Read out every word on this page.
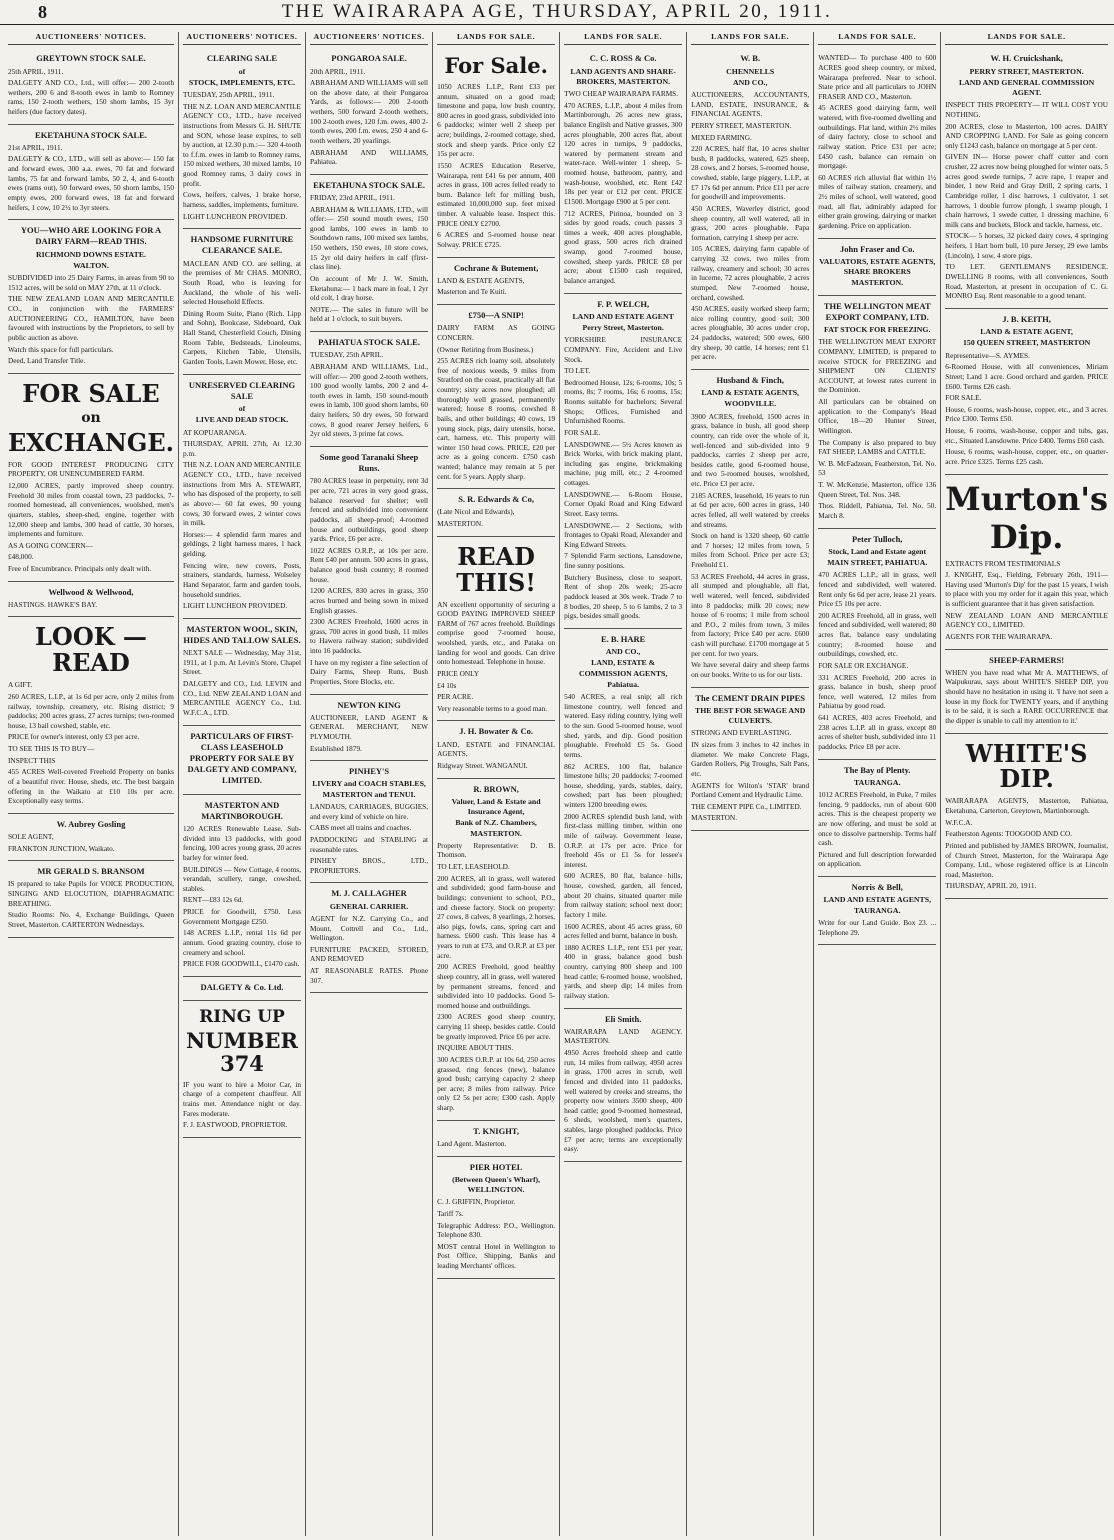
8	THE WAIRARAPA AGE, THURSDAY, APRIL 20, 1911.
AUCTIONEERS' NOTICES.
GREYTOWN STOCK SALE.

25th APRIL, 1911.

DALGETY AND CO., Ltd., will offer:— 200 2-tooth wethers, 200 6 and 8-tooth ewes in lamb to Romney rams, 150 2-tooth wethers, 150 shorn lambs, 15 3yr heifers (due factory dates).

EKETAHUNA STOCK SALE.

21st APRIL, 1911.

DALGETY & CO., LTD., will sell as above:— 150 fat and forward ewes, 300 a.a. ewes, 70 fat and forward lambs, 75 fat and forward lambs, 50 2, 4, and 6-tooth ewes (rams out), 50 forward ewes, 50 shorn lambs, 150 empty ewes, 200 forward ewes, 18 fat and forward heifers, 1 cow, 10 2½ to 3yr steers.

YOU—WHO ARE LOOKING FOR A DAIRY FARM—READ THIS.
RICHMOND DOWNS ESTATE.
WALTON.

SUBDIVIDED into 25 Dairy Farms, in areas from 90 to 1512 acres, will be sold on MAY 27th, at 11 o'clock.

THE NEW ZEALAND LOAN AND MERCANTILE CO., in conjunction with the FARMERS' AUCTIONEERING CO., HAMILTON, have been favoured with instructions by the Proprietors, to sell by public auction as above.

Watch this space for full particulars.

Deed, Land Transfer Title.

FOR SALE
on
EXCHANGE.

FOR GOOD INTEREST PRODUCING CITY PROPERTY, OR UNENCUMBERED FARM.

12,000 ACRES, partly improved sheep country. Freehold 30 miles from coastal town, 23 paddocks, 7-roomed homestead, all conveniences, woolshed, men's quarters, stables, sheep-shed, engine, together with 12,000 sheep and lambs, 300 head of cattle, 30 horses, implements and furniture.

AS A GOING CONCERN—

£48,000.

Free of Encumbrance. Principals only dealt with.

Wellwood & Wellwood,

HASTINGS. HAWKE'S BAY.

LOOK — READ

A GIFT.

260 ACRES, L.I.P., at 1s 6d per acre, only 2 miles from railway, township, creamery, etc. Rising district; 9 paddocks; 200 acres grass, 27 acres turnips; two-roomed house, 13 bail cowshed, stable, etc.

PRICE for owner's interest, only £3 per acre.

TO SEE THIS IS TO BUY—

INSPECT THIS

455 ACRES Well-covered Freehold Property on banks of a beautiful river. House, sheds, etc. The best bargain offering in the Waikato at £10 10s per acre. Exceptionally easy terms.

W. Aubrey Gosling

SOLE AGENT,

FRANKTON JUNCTION, Waikato.

MR GERALD S. BRANSOM

IS prepared to take Pupils for VOICE PRODUCTION, SINGING AND ELOCUTION, DIAPHRAGMATIC BREATHING.

Studio Rooms: No. 4, Exchange Buildings, Queen Street, Masterton. CARTERTON Wednesdays.

AUCTIONEERS' NOTICES.
CLEARING SALE
of
STOCK, IMPLEMENTS, ETC.

TUESDAY, 25th APRIL, 1911.

THE N.Z. LOAN AND MERCANTILE AGENCY CO., LTD., have received instructions from Messrs G. H. SHUTE and SON, whose lease expires, to sell by auction, at 12.30 p.m.:— 320 4-tooth to f.f.m. ewes in lamb to Romney rams, 150 mixed wethers, 30 mixed lambs, 10 good Romney rams, 3 dairy cows in profit.

Cows, heifers, calves, 1 brake horse, harness, saddles, implements, furniture.

LIGHT LUNCHEON PROVIDED.

HANDSOME FURNITURE CLEARANCE SALE.

MACLEAN AND CO. are selling, at the premises of Mr CHAS. MONRO, South Road, who is leaving for Auckland, the whole of his well-selected Household Effects.

Dining Room Suite, Piano (Rich. Lipp and Sohn), Bookcase, Sideboard, Oak Hall Stand, Chesterfield Couch, Dining Room Table, Bedsteads, Linoleums, Carpets, Kitchen Table, Utensils, Garden Tools, Lawn Mower, Hose, etc.

UNRESERVED CLEARING SALE
of
LIVE AND DEAD STOCK.

AT KOPUARANGA.

THURSDAY, APRIL 27th, At 12.30 p.m.

THE N.Z. LOAN AND MERCANTILE AGENCY CO., LTD., have received instructions from Mrs A. STEWART, who has disposed of the property, to sell as above:— 60 fat ewes, 90 young cows, 30 forward ewes, 2 winter cows in milk.

Horses:— 4 splendid farm mares and geldings, 2 light harness mares, 1 hack gelding.

Fencing wire, new covers, Posts, strainers, standards, harness, Wolseley Hand Separator, farm and garden tools, household sundries.

LIGHT LUNCHEON PROVIDED.

MASTERTON WOOL, SKIN, HIDES AND TALLOW SALES.

NEXT SALE — Wednesday, May 31st, 1911, at 1 p.m. At Levin's Store, Chapel Street.

DALGETY and CO., Ltd. LEVIN and CO., Ltd. NEW ZEALAND LOAN and MERCANTILE AGENCY Co., Ltd. W.F.C.A., LTD.

PARTICULARS OF FIRST-CLASS LEASEHOLD PROPERTY FOR SALE BY DALGETY AND COMPANY, LIMITED.
MASTERTON AND MARTINBOROUGH.

120 ACRES Renewable Lease. Sub-divided into 13 paddocks, with good fencing, 100 acres young grass, 20 acres barley for winter feed.

BUILDINGS — New Cottage, 4 rooms, verandah, scullery, range, cowshed, stables.

RENT—£83 12s 6d.

PRICE for Goodwill, £750. Less Government Mortgage £250.

148 ACRES L.I.P., rental 11s 6d per annum. Good grazing country, close to creamery and school.

PRICE FOR GOODWILL, £1470 cash.

DALGETY & Co. Ltd.
RING UP
NUMBER 374

IF you want to hire a Motor Car, in charge of a competent chauffeur. All trains met. Attendance night or day. Fares moderate.

F. J. EASTWOOD, PROPRIETOR.

AUCTIONEERS' NOTICES.
PONGAROA SALE.

20th APRIL, 1911.

ABRAHAM AND WILLIAMS will sell on the above date, at their Pongaroa Yards, as follows:— 200 2-tooth wethers, 500 forward 2-tooth wethers, 100 2-tooth ewes, 120 f.m. ewes, 400 2-tooth ewes, 200 f.m. ewes, 250 4 and 6-tooth wethers, 20 yearlings.

ABRAHAM AND WILLIAMS, Pahiatua.

EKETAHUNA STOCK SALE.

FRIDAY, 23rd APRIL, 1911.

ABRAHAM & WILLIAMS, LTD., will offer:— 250 sound mouth ewes, 150 good lambs, 100 ewes in lamb to Southdown rams, 100 mixed sex lambs, 150 wethers, 150 ewes, 10 store cows, 15 2yr old dairy heifers in calf (first-class line).

On account of Mr J. W. Smith, Eketahuna:— 1 back mare in foal, 1 2yr old colt, 1 dray horse.

NOTE.— The sales in future will be held at 1 o'clock, to suit buyers.

PAHIATUA STOCK SALE.

TUESDAY, 25th APRIL.

ABRAHAM AND WILLIAMS, Ltd., will offer:— 200 good 2-tooth wethers, 100 good woolly lambs, 200 2 and 4-tooth ewes in lamb, 150 sound-mouth ewes in lamb, 100 good shorn lambs, 60 dairy heifers, 50 dry ewes, 50 forward cows, 8 good rearer Jersey heifers, 6 2yr old steers, 3 prime fat cows.

Some good Taranaki Sheep Runs.

780 ACRES lease in perpetuity, rent 3d per acre, 721 acres in very good grass, balance reserved for shelter; well fenced and subdivided into convenient paddocks, all sheep-proof; 4-roomed house and outbuildings, good sheep yards. Price, £6 per acre.

1022 ACRES O.R.P., at 10s per acre. Rent £40 per annum. 500 acres in grass, balance good bush country; 8 roomed house.

1200 ACRES, 830 acres in grass, 350 acres burned and being sown in mixed English grasses.

2300 ACRES Freehold, 1600 acres in grass, 700 acres in good bush, 11 miles to Hawera railway station; subdivided into 16 paddocks.

I have on my register a fine selection of Dairy Farms, Sheep Runs, Bush Properties, Store Blocks, etc.

NEWTON KING

AUCTIONEER, LAND AGENT & GENERAL MERCHANT, NEW PLYMOUTH.

Established 1879.

PINHEY'S
LIVERY and COACH STABLES, MASTERTON and TENUI.

LANDAUS, CARRIAGES, BUGGIES, and every kind of vehicle on hire.

CABS meet all trains and coaches.

PADDOCKING and STABLING at reasonable rates.

PINHEY BROS., LTD., PROPRIETORS.

M. J. CALLAGHER
GENERAL CARRIER.

AGENT for N.Z. Carrying Co., and Mount, Cottrell and Co., Ltd., Wellington.

FURNITURE PACKED, STORED, AND REMOVED

AT REASONABLE RATES. Phone 307.

LANDS FOR SALE.
For Sale.

1050 ACRES L.I.P., Rent £33 per annum, situated on a good road; limestone and papa, low bush country, 800 acres in good grass, subdivided into 6 paddocks; winter well 2 sheep per acre; buildings, 2-roomed cottage, shed, stock and sheep yards. Price only £2 15s per acre.

1550 ACRES Education Reserve, Wairarapa, rent £41 6s per annum, 400 acres in grass, 100 acres felled ready to burn. Balance left for milling bush, estimated 10,000,000 sup. feet mixed timber. A valuable lease. Inspect this. PRICE ONLY £2700.

6 ACRES and 5-roomed house near Solway. PRICE £725.

Cochrane & Butement,

LAND & ESTATE AGENTS,

Masterton and Te Kuiti.

£750—A SNIP!

DAIRY FARM AS GOING CONCERN.

(Owner Retiring from Business.)

255 ACRES rich loamy soil, absolutely free of noxious weeds, 9 miles from Stratford on the coast, practically all flat country; sixty acres now ploughed; all thoroughly well grassed, permanently watered; house 8 rooms, cowshed 8 bails, and other buildings; 40 cows, 19 young stock, pigs, dairy utensils, horse, cart, harness, etc. This property will winter 150 head cows. PRICE, £20 per acre as a going concern. £750 cash wanted; balance may remain at 5 per cent. for 5 years. Apply sharp.

S. R. Edwards & Co,

(Late Nicol and Edwards),

MASTERTON.

READ THIS!

AN excellent opportunity of securing a GOOD PAYING IMPROVED SHEEP FARM of 767 acres freehold. Buildings comprise good 7-roomed house, woolshed, yards, etc., and Pataka on landing for wool and goods. Can drive onto homestead. Telephone in house.

PRICE ONLY

£4 10s

PER ACRE.

Very reasonable terms to a good man.

J. H. Bowater & Co.

LAND, ESTATE and FINANCIAL AGENTS,

Ridgway Street. WANGANUI.

R. BROWN,
Valuer, Land & Estate and Insurance Agent,
Bank of N.Z. Chambers, MASTERTON.

Property Representative: D. B. Thomson.

TO LET, LEASEHOLD.

200 ACRES, all in grass, well watered and subdivided; good farm-house and buildings; convenient to school, P.O., and cheese factory. Stock on property: 27 cows, 8 calves, 8 yearlings, 2 horses, also pigs, fowls, cans, spring cart and harness. £600 cash. This lease has 4 years to run at £73, and O.R.P. at £3 per acre.

200 ACRES Freehold, good healthy sheep country, all in grass, well watered by permanent streams, fenced and subdivided into 10 paddocks. Good 5-roomed house and outbuildings.

2300 ACRES good sheep country, carrying 11 sheep, besides cattle. Could be greatly improved. Price £6 per acre.

INQUIRE ABOUT THIS.

300 ACRES O.R.P. at 10s 6d, 250 acres grassed, ring fences (new), balance good bush; carrying capacity 2 sheep per acre; 8 miles from railway. Price only £2 5s per acre; £300 cash. Apply sharp.

T. KNIGHT,

Land Agent. Masterton.

PIER HOTEL
(Between Queen's Wharf), WELLINGTON.

C. J. GRIFFIN, Proprietor.

Tariff 7s.

Telegraphic Address: P.O., Wellington. Telephone 830.

MOST central Hotel in Wellington to Post Office, Shipping, Banks and leading Merchants' offices.

LANDS FOR SALE.
C. C. ROSS & Co.
LAND AGENTS AND SHARE-BROKERS, MASTERTON.

TWO CHEAP WAIRARAPA FARMS.

470 ACRES, L.I.P., about 4 miles from Martinborough, 26 acres new grass, balance English and Native grasses, 300 acres ploughable, 200 acres flat, about 120 acres in turnips, 9 paddocks, watered by permanent stream and water-race. Well-winter 1 sheep, 5-roomed house, bathroom, pantry, and wash-house, woolshed, etc. Rent £42 18s per year or £12 per cent. PRICE £1500. Mortgage £900 at 5 per cent.

712 ACRES, Pirinoa, bounded on 3 sides by good roads, couch passes 3 times a week, 400 acres ploughable, good grass, 500 acres rich drained swamp, good 7-roomed house, cowshed, sheep yards. PRICE £8 per acre; about £1500 cash required, balance arranged.

F. P. WELCH,
LAND AND ESTATE AGENT
Perry Street, Masterton.

YORKSHIRE INSURANCE COMPANY. Fire, Accident and Live Stock.

TO LET.

Bedroomed House, 12s; 6-rooms, 10s; 5 rooms, 8s; 7 rooms, 16s; 6 rooms, 15s; Rooms suitable for bachelors; Several Shops; Offices, Furnished and Unfurnished Rooms.

FOR SALE.

LANSDOWNE.— 5½ Acres known as Brick Works, with brick making plant, including gas engine, brickmaking machine, pug mill, etc.; 2 4-roomed cottages.

LANSDOWNE.— 6-Room House, Corner Opaki Road and King Edward Street. Easy terms.

LANSDOWNE.— 2 Sections, with frontages to Opaki Road, Alexander and King Edward Streets.

7 Splendid Farm sections, Lansdowne, fine sunny positions.

Butchery Business, close to seaport. Rent of shop 20s week; 25-acre paddock leased at 30s week. Trade 7 to 8 bodies, 20 sheep, 5 to 6 lambs, 2 to 3 pigs, besides small goods.

E. B. HARE
AND CO.,
LAND, ESTATE & COMMISSION AGENTS,
Pahiatua.

540 ACRES, a real snip; all rich limestone country, well fenced and watered. Easy riding country, lying well to the sun. Good 5-roomed house, wool shed, yards, and dip. Good position ploughable. Freehold £5 5s. Good terms.

862 ACRES, 100 flat, balance limestone hills; 20 paddocks; 7-roomed house, shedding, yards, stables, dairy, cowshed; part has been ploughed; winters 1200 breeding ewes.

2000 ACRES splendid bush land, with first-class milling timber, within one mile of railway. Government lease, O.R.P. at 17s per acre. Price for freehold 45s or £1 5s for lessee's interest.

600 ACRES, 80 flat, balance hills, house, cowshed, garden, all fenced, about 20 chains, situated quarter mile from railway station; school next door; factory 1 mile.

1600 ACRES, about 45 acres grass, 60 acres felled and burnt, balance in bush.

1880 ACRES L.I.P., rent £51 per year, 400 in grass, balance good bush country, carrying 800 sheep and 100 head cattle; 6-roomed house, woolshed, yards, and sheep dip; 14 miles from railway station.

Eli Smith.

WAIRARAPA LAND AGENCY. MASTERTON.

4950 Acres freehold sheep and cattle run, 14 miles from railway, 4950 acres in grass, 1700 acres in scrub, well fenced and divided into 11 paddocks, well watered by creeks and streams, the property now winters 3500 sheep, 400 head cattle; good 9-roomed homestead, 6 sheds, woolshed, men's quarters, stables, large ploughed paddocks. Price £7 per acre; terms are exceptionally easy.

LANDS FOR SALE.
W. B.
CHENNELLS
AND CO.,

AUCTIONEERS, ACCOUNTANTS, LAND, ESTATE, INSURANCE, & FINANCIAL AGENTS.

PERRY STREET, MASTERTON.

MIXED FARMING.

220 ACRES, half flat, 10 acres shelter bush, 8 paddocks, watered, 625 sheep, 28 cows, and 2 horses, 5-roomed house, cowshed, stable, large piggery, L.I.P., at £7 17s 6d per annum. Price £11 per acre for goodwill and improvements.

450 ACRES, Waverley district, good sheep country, all well watered, all in grass, 200 acres ploughable. Papa formation, carrying 1 sheep per acre.

105 ACRES, dairying farm capable of carrying 32 cows, two miles from railway, creamery and school; 30 acres in lucerne, 72 acres ploughable, 2 acres stumped. New 7-roomed house, orchard, cowshed.

450 ACRES, easily worked sheep farm; nice rolling country, good soil; 300 acres ploughable, 30 acres under crop, 24 paddocks, watered; 500 ewes, 600 dry sheep, 30 cattle, 14 horses; rent £1 per acre.

Husband & Finch,
LAND & ESTATE AGENTS,
WOODVILLE.

3900 ACRES, freehold, 1500 acres in grass, balance in bush, all good sheep country, can ride over the whole of it, well-fenced and sub-divided into 9 paddocks, carries 2 sheep per acre, besides cattle, good 6-roomed house, and two 5-roomed houses, woolshed, etc. Price £3 per acre.

2185 ACRES, leasehold, 16 years to run at 6d per acre, 600 acres in grass, 140 acres felled, all well watered by creeks and streams.

Stock on hand is 1320 sheep, 60 cattle and 7 horses; 12 miles from town, 5 miles from School. Price per acre £3; Freehold £1.

53 ACRES Freehold, 44 acres in grass, all stumped and ploughable, all flat, well watered, well fenced, subdivided into 8 paddocks; milk 20 cows; new house of 6 rooms; 1 mile from school and P.O., 2 miles from town, 3 miles from factory; Price £40 per acre. £600 cash will purchase. £1700 mortgage at 5 per cent. for two years.

We have several dairy and sheep farms on our books. Write to us for our lists.

The CEMENT DRAIN PIPES
THE BEST FOR SEWAGE AND CULVERTS.

STRONG AND EVERLASTING.

IN sizes from 3 inches to 42 inches in diameter. We make Concrete Flags, Garden Rollers, Pig Troughs, Salt Pans, etc.

AGENTS for Wilton's 'STAR' brand Portland Cement and Hydraulic Lime.

THE CEMENT PIPE Co., LIMITED.

MASTERTON.

LANDS FOR SALE.

WANTED— To purchase 400 to 600 ACRES good sheep country, or mixed, Wairarapa preferred. Near to school. State price and all particulars to JOHN FRASER AND CO., Masterton.

45 ACRES good dairying farm, well watered, with five-roomed dwelling and outbuildings. Flat land, within 2½ miles of dairy factory, close to school and railway station. Price £31 per acre; £450 cash, balance can remain on mortgage.

60 ACRES rich alluvial flat within 1½ miles of railway station, creamery, and 2½ miles of school, well watered, good road, all flat, admirably adapted for either grain growing, dairying or market gardening. Price on application.

John Fraser and Co.
VALUATORS, ESTATE AGENTS, SHARE BROKERS
MASTERTON.
THE WELLINGTON MEAT EXPORT COMPANY, LTD.
FAT STOCK FOR FREEZING.

THE WELLINGTON MEAT EXPORT COMPANY, LIMITED, is prepared to receive STOCK for FREEZING and SHIPMENT ON CLIENTS' ACCOUNT, at lowest rates current in the Dominion.

All particulars can be obtained on application to the Company's Head Office, 18—20 Hunter Street, Wellington.

The Company is also prepared to buy FAT SHEEP, LAMBS and CATTLE.

W. B. McFadzean, Featherston, Tel. No. 53

T. W. McKenzie, Masterton, office 136 Queen Street, Tel. Nos. 348.

Thos. Riddell, Pahiatua, Tel. No. 50. March 8.

Peter Tulloch,
Stock, Land and Estate agent
MAIN STREET, PAHIATUA.

470 ACRES L.I.P., all in grass, well fenced and subdivided, well watered. Rent only 6s 6d per acre, lease 21 years. Price £5 10s per acre.

200 ACRES Freehold, all in grass, well fenced and subdivided, well watered; 80 acres flat, balance easy undulating country; 8-roomed house and outbuildings, cowshed, etc.

FOR SALE OR EXCHANGE.

331 ACRES Freehold, 200 acres in grass, balance in bush, sheep proof fence, well watered, 12 miles from Pahiatua by good road.

641 ACRES, 403 acres Freehold, and 238 acres L.I.P. all in grass, except 80 acres of shelter bush, subdivided into 11 paddocks. Price £8 per acre.

The Bay of Plenty.
TAURANGA.

1012 ACRES Freehold, in Puke, 7 miles fencing, 9 paddocks, run of about 600 acres. This is the cheapest property we are now offering, and must be sold at once to dissolve partnership. Terms half cash.

Pictured and full description forwarded on application.

Norris & Bell,
LAND AND ESTATE AGENTS, TAURANGA.

Write for our Land Guide. Box 23. ... Telephone 29.

LANDS FOR SALE.
W. H. Cruickshank,
PERRY STREET, MASTERTON.
LAND AND GENERAL COMMISSION AGENT.

INSPECT THIS PROPERTY— IT WILL COST YOU NOTHING.

200 ACRES, close to Masterton, 100 acres. DAIRY AND CROPPING LAND. For Sale as going concern only £1243 cash, balance on mortgage at 5 per cent.

GIVEN IN— Horse power chaff cutter and corn crusher, 22 acres now being ploughed for winter oats, 5 acres good swede turnips, 7 acre rape, 1 reaper and binder, 1 new Reid and Gray Drill, 2 spring carts, 1 Cambridge roller, 1 disc harrows, 1 cultivator, 1 set harrows, 1 double furrow plough, 1 swamp plough, 1 chain harrows, 1 swede cutter, 1 dressing machine, 6 milk cans and buckets, Block and tackle, harness, etc.

STOCK— 5 horses, 32 picked dairy cows, 4 springing heifers, 1 Hart horn bull, 10 pure Jersey, 29 ewe lambs (Lincoln), 1 sow, 4 store pigs.

TO LET. GENTLEMAN'S RESIDENCE. DWELLING 8 rooms, with all conveniences, South Road, Masterton, at present in occupation of C. G. MONRO Esq. Rent reasonable to a good tenant.

J. B. KEITH,
LAND & ESTATE AGENT,
150 QUEEN STREET, MASTERTON

Representative—S. AYMES.

6-Roomed House, with all conveniences, Miriam Street; Land 1 acre. Good orchard and garden. PRICE £600. Terms £26 cash.

FOR SALE.

House, 6 rooms, wash-house, copper, etc., and 3 acres. Price £300. Terms £50.

House, 6 rooms, wash-house, copper and tubs, gas, etc., Situated Lansdowne. Price £400. Terms £60 cash.

House, 6 rooms, wash-house, copper, etc., on quarter-acre. Price £325. Terms £25 cash.

Murton's
Dip.

EXTRACTS FROM TESTIMONIALS

J. KNIGHT, Esq., Fielding, February 26th, 1911— Having used 'Murton's Dip' for the past 15 years, I wish to place with you my order for it again this year, which is sufficient guarantee that it has given satisfaction.

NEW ZEALAND LOAN AND MERCANTILE AGENCY CO., LIMITED.

AGENTS FOR THE WAIRARAPA.

SHEEP-FARMERS!

WHEN you have read what Mr A. MATTHEWS, of Waipukurau, says about WHITE'S SHEEP DIP, you should have no hesitation in using it. 'I have not seen a louse in my flock for TWENTY years, and if anything is to be said, it is such a RARE OCCURRENCE that the dipper is unable to call my attention to it.'

WHITE'S DIP.

WAIRARAPA AGENTS, Masterton, Pahiatua, Eketahuna, Carterton, Greytown, Martinborough.

W.F.C.A.

Featherston Agents: TOOGOOD AND CO.

Printed and published by JAMES BROWN, Journalist, of Church Street, Masterton, for the Wairarapa Age Company, Ltd., whose registered office is at Lincoln road, Masterton.

THURSDAY, APRIL 20, 1911.
